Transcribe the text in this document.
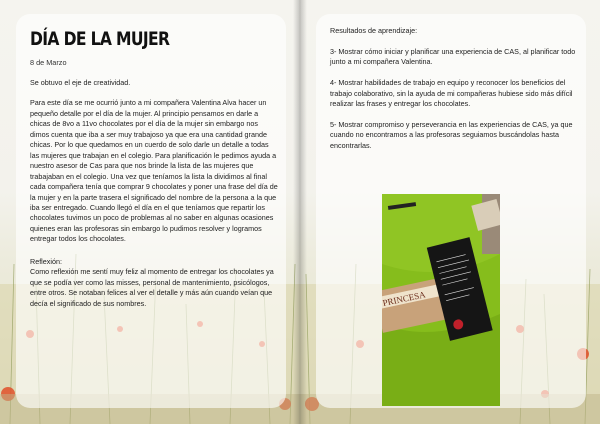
DÍA DE LA MUJER
8 de Marzo

Se obtuvo el eje de creatividad.

Para este día se me ocurrió junto a mi compañera Valentina Alva hacer un pequeño detalle por el día de la mujer. Al principio pensamos en darle a chicas de 8vo a 11vo chocolates por el día de la mujer sin embargo nos dimos cuenta que iba a ser muy trabajoso ya que era una cantidad grande chicas. Por lo que quedamos en un cuerdo de solo darle un detalle a todas las mujeres que trabajan en el colegio. Para planificación le pedimos ayuda a nuestro asesor de Cas para que nos brinde la lista de las mujeres que trabajaban en el colegio. Una vez que teníamos la lista la dividimos al final cada compañera tenía que comprar 9 chocolates y poner una frase del día de la mujer y en la parte trasera el significado del nombre de la persona a la que iba ser entregado. Cuando llegó el día en el que teníamos que repartir los chocolates tuvimos un poco de problemas al no saber en algunas ocasiones quienes eran las profesoras sin embargo lo pudimos resolver y logramos entregar todos los chocolates.

Reflexión:
Como reflexión me sentí muy feliz al momento de entregar los chocolates ya que se podía ver como las misses, personal de mantenimiento, psicólogos, entre otros. Se notaban felices al ver el detalle y más aún cuando veían que decía el significado de sus nombres.

Resultados de aprendizaje:

3- Mostrar cómo iniciar y planificar una experiencia de CAS, al planificar todo junto a mi compañera Valentina.

4- Mostrar habilidades de trabajo en equipo y reconocer los beneficios del trabajo colaborativo, sin la ayuda de mi compañeras hubiese sido más difícil realizar las frases y entregar los chocolates.

5- Mostrar compromiso y perseverancia en las experiencias de CAS, ya que cuando no encontramos a las profesoras seguiamos buscándolas hasta encontrarlas.

PRINCESA
